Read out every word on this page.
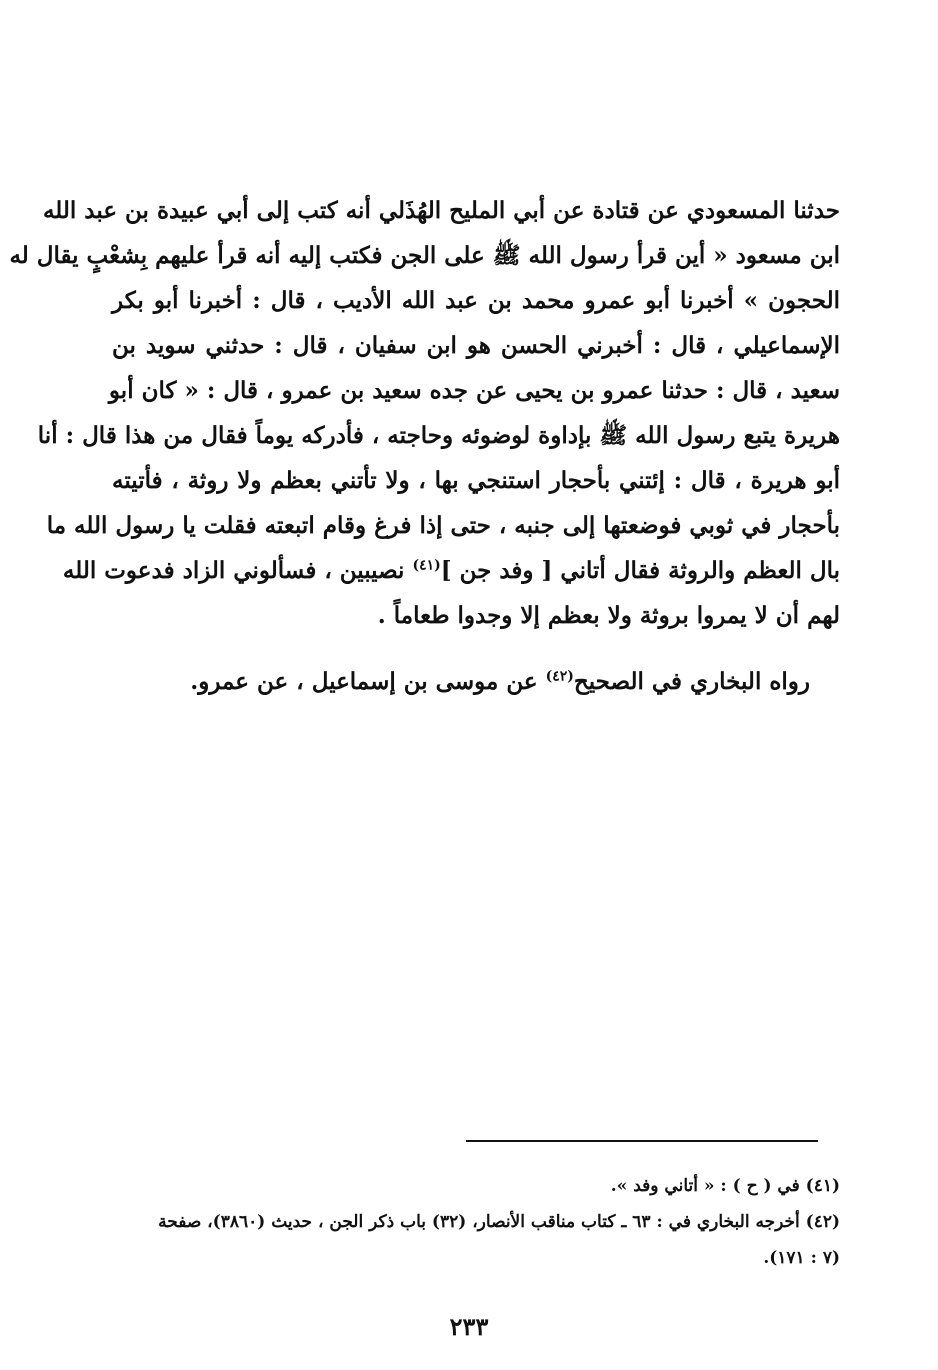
حدثنا المسعودي عن قتادة عن أبي المليح الهُذَلي أنه كتب إلى أبي عبيدة بن عبد الله
ابن مسعود « أين قرأ رسول الله ﷺ على الجن فكتب إليه أنه قرأ عليهم بِشعْبٍ يقال له
الحجون » أخبرنا أبو عمرو محمد بن عبد الله الأديب ، قال : أخبرنا أبو بكر
الإسماعيلي ، قال : أخبرني الحسن هو ابن سفيان ، قال : حدثني سويد بن
سعيد ، قال : حدثنا عمرو بن يحيى عن جده سعيد بن عمرو ، قال : « كان أبو
هريرة يتبع رسول الله ﷺ بإداوة لوضوئه وحاجته ، فأدركه يوماً فقال من هذا قال : أنا
أبو هريرة ، قال : إئتني بأحجار استنجي بها ، ولا تأتني بعظم ولا روثة ، فأتيته
بأحجار في ثوبي فوضعتها إلى جنبه ، حتى إذا فرغ وقام اتبعته فقلت يا رسول الله ما
بال العظم والروثة فقال أتاني [ وفد جن ]$^{(٤١)}$ نصيبين ، فسألوني الزاد فدعوت الله
لهم أن لا يمروا بروثة ولا بعظم إلا وجدوا طعاماً .

رواه البخاري في الصحيح$^{(٤٢)}$ عن موسى بن إسماعيل ، عن عمرو.

(٤١) في ( ح ) : « أتاني وفد ».

(٤٢) أخرجه البخاري في : ٦٣ ـ كتاب مناقب الأنصار، (٣٢) باب ذكر الجن ، حديث (٣٨٦٠)، صفحة

(٧ : ١٧١).

٢٣٣
